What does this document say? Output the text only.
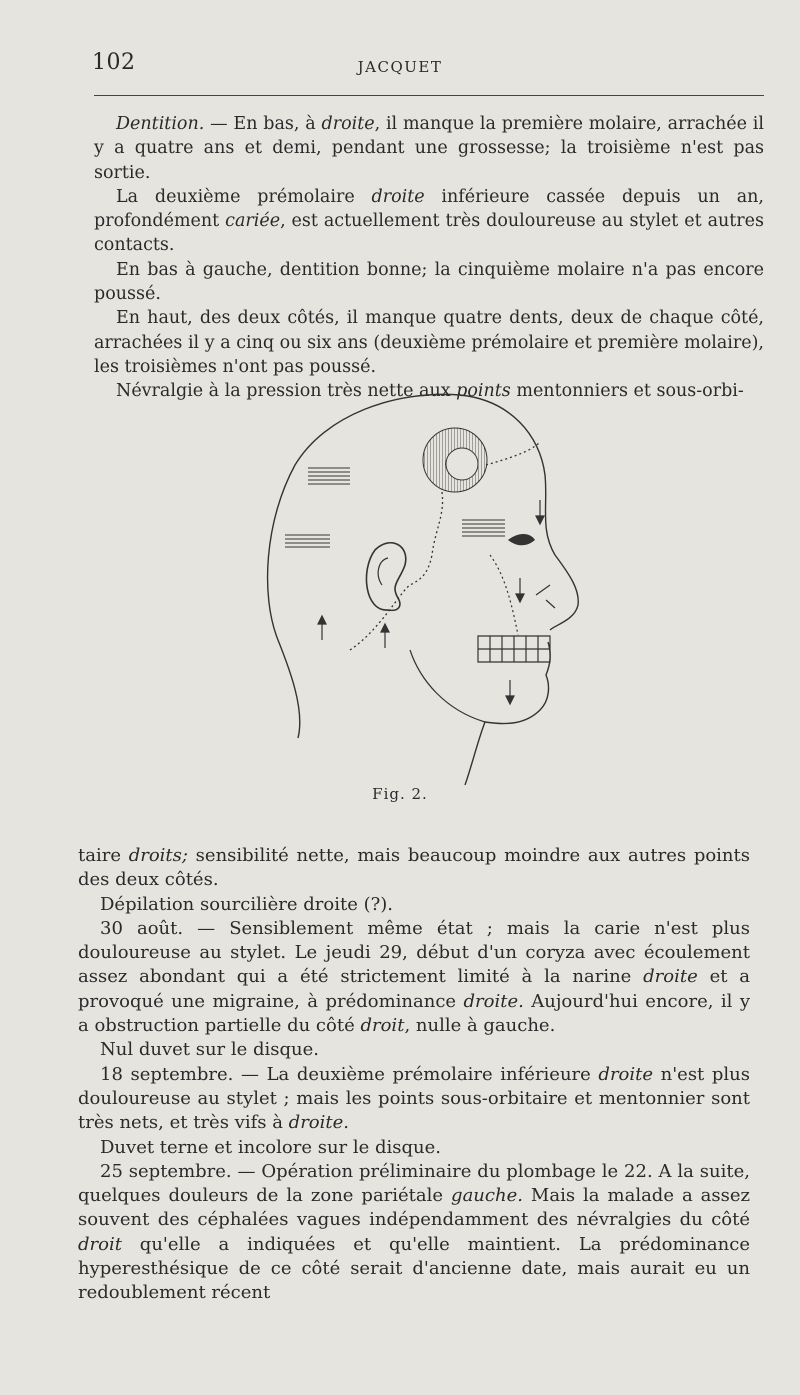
102	JACQUET

Dentition. — En bas, à droite, il manque la première molaire, arrachée il y a quatre ans et demi, pendant une grossesse; la troisième n'est pas sortie.

La deuxième prémolaire droite inférieure cassée depuis un an, profondément cariée, est actuellement très douloureuse au stylet et autres contacts.

En bas à gauche, dentition bonne; la cinquième molaire n'a pas encore poussé.

En haut, des deux côtés, il manque quatre dents, deux de chaque côté, arrachées il y a cinq ou six ans (deuxième prémolaire et première molaire), les troisièmes n'ont pas poussé.

Névralgie à la pression très nette aux points mentonniers et sous-orbi-

Fig. 2.

taire droits; sensibilité nette, mais beaucoup moindre aux autres points des deux côtés.

Dépilation sourcilière droite (?).

30 août. — Sensiblement même état ; mais la carie n'est plus douloureuse au stylet. Le jeudi 29, début d'un coryza avec écoulement assez abondant qui a été strictement limité à la narine droite et a provoqué une migraine, à prédominance droite. Aujourd'hui encore, il y a obstruction partielle du côté droit, nulle à gauche.

Nul duvet sur le disque.

18 septembre. — La deuxième prémolaire inférieure droite n'est plus douloureuse au stylet ; mais les points sous-orbitaire et mentonnier sont très nets, et très vifs à droite.

Duvet terne et incolore sur le disque.

25 septembre. — Opération préliminaire du plombage le 22. A la suite, quelques douleurs de la zone pariétale gauche. Mais la malade a assez souvent des céphalées vagues indépendamment des névralgies du côté droit qu'elle a indiquées et qu'elle maintient. La prédominance hyperesthésique de ce côté serait d'ancienne date, mais aurait eu un redoublement récent
